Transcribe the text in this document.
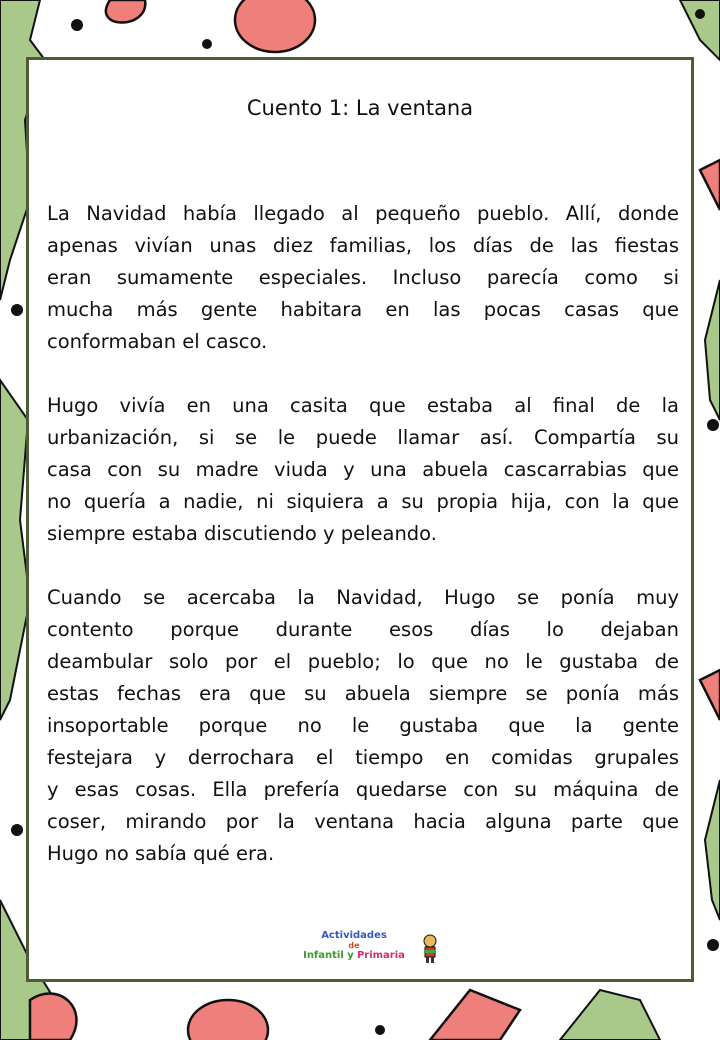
Cuento 1: La ventana
La Navidad había llegado al pequeño pueblo. Allí, donde
apenas vivían unas diez familias, los días de las fiestas
eran sumamente especiales. Incluso parecía como si
mucha más gente habitara en las pocas casas que
conformaban el casco.
Hugo vivía en una casita que estaba al final de la
urbanización, si se le puede llamar así. Compartía su
casa con su madre viuda y una abuela cascarrabias que
no quería a nadie, ni siquiera a su propia hija, con la que
siempre estaba discutiendo y peleando.
Cuando se acercaba la Navidad, Hugo se ponía muy
contento porque durante esos días lo dejaban
deambular solo por el pueblo; lo que no le gustaba de
estas fechas era que su abuela siempre se ponía más
insoportable porque no le gustaba que la gente
festejara y derrochara el tiempo en comidas grupales
y esas cosas. Ella prefería quedarse con su máquina de
coser, mirando por la ventana hacia alguna parte que
Hugo no sabía qué era.
Actividades
de
Infantil y Primaria
